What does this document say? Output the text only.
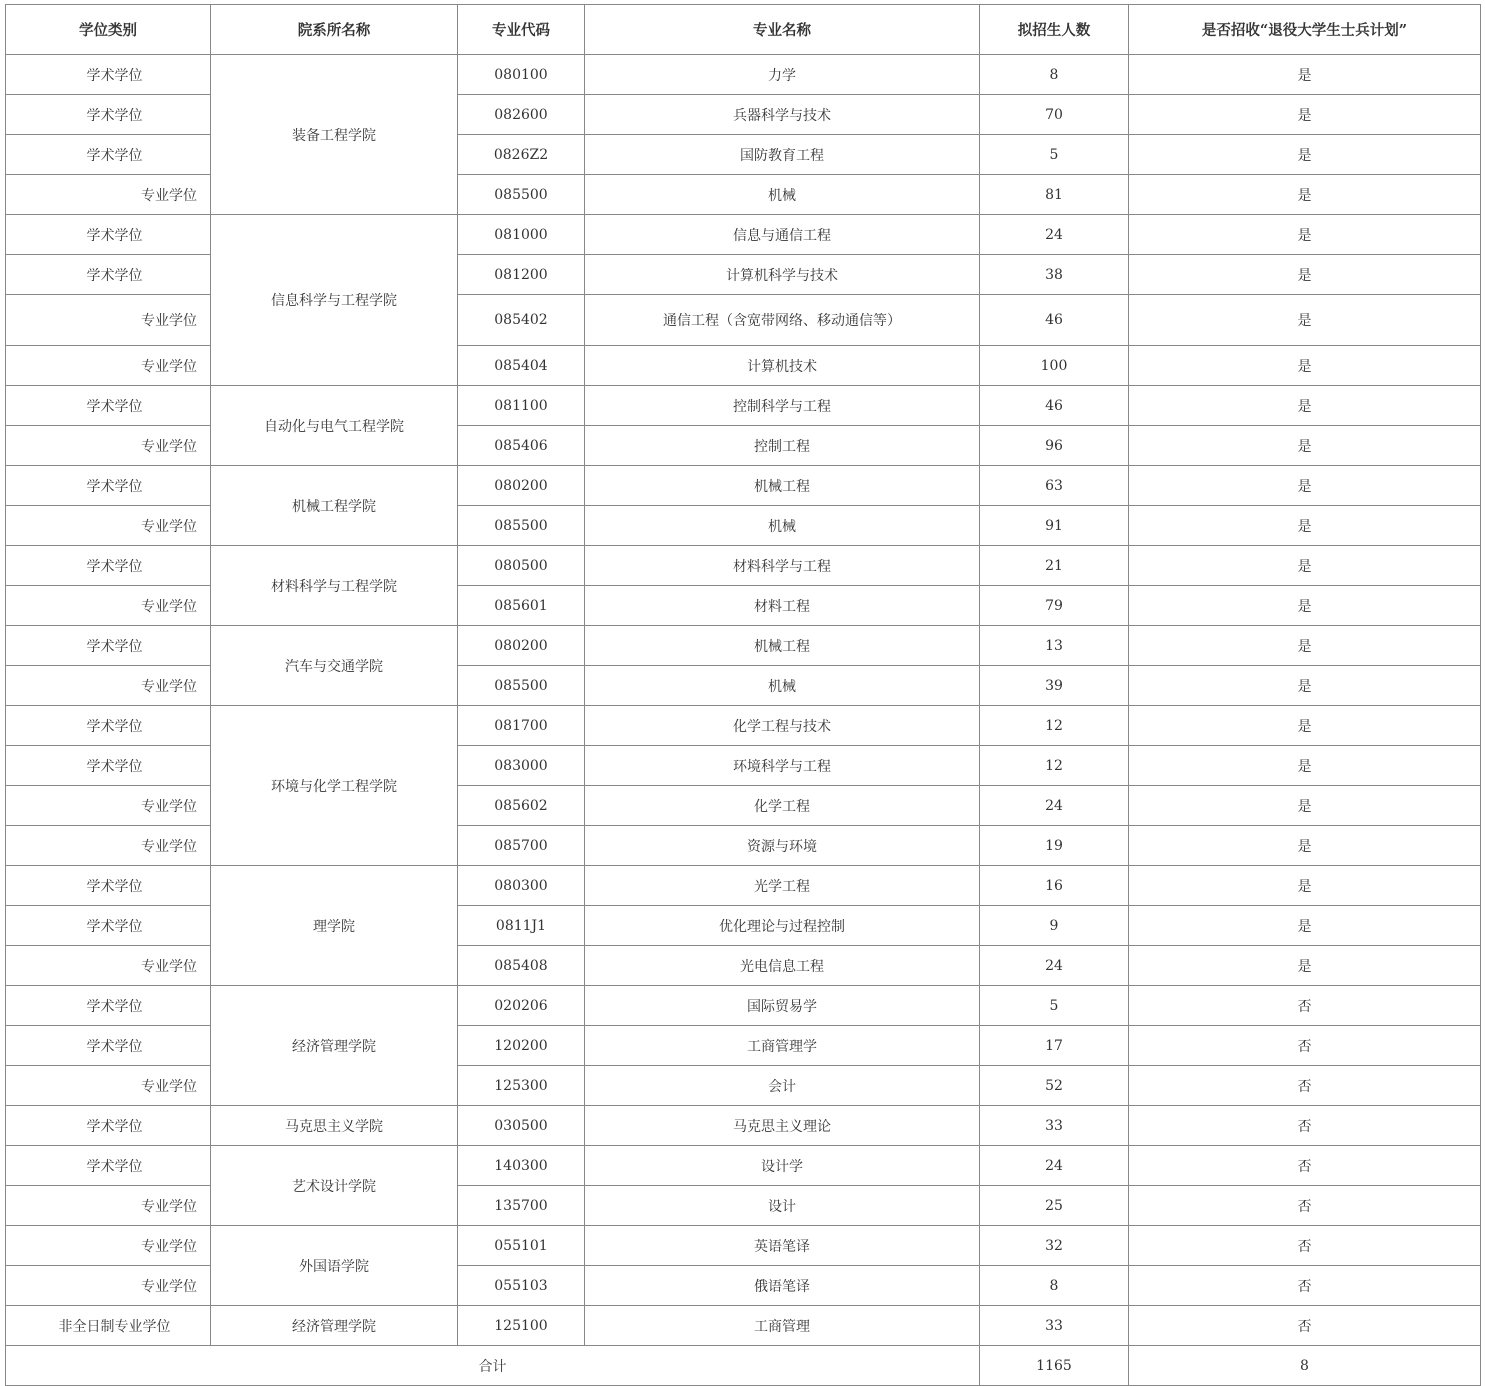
学位类别	院系所名称	专业代码	专业名称	拟招生人数	是否招收“退役大学生士兵计划”
学术学位	装备工程学院	080100	力学	8	是
学术学位		082600	兵器科学与技术	70	是
学术学位		0826Z2	国防教育工程	5	是
专业学位		085500	机械	81	是
学术学位	信息科学与工程学院	081000	信息与通信工程	24	是
学术学位		081200	计算机科学与技术	38	是
专业学位		085402	通信工程（含宽带网络、移动通信等）	46	是
专业学位		085404	计算机技术	100	是
学术学位	自动化与电气工程学院	081100	控制科学与工程	46	是
专业学位		085406	控制工程	96	是
学术学位	机械工程学院	080200	机械工程	63	是
专业学位		085500	机械	91	是
学术学位	材料科学与工程学院	080500	材料科学与工程	21	是
专业学位		085601	材料工程	79	是
学术学位	汽车与交通学院	080200	机械工程	13	是
专业学位		085500	机械	39	是
学术学位	环境与化学工程学院	081700	化学工程与技术	12	是
学术学位		083000	环境科学与工程	12	是
专业学位		085602	化学工程	24	是
专业学位		085700	资源与环境	19	是
学术学位	理学院	080300	光学工程	16	是
学术学位		0811J1	优化理论与过程控制	9	是
专业学位		085408	光电信息工程	24	是
学术学位	经济管理学院	020206	国际贸易学	5	否
学术学位		120200	工商管理学	17	否
专业学位		125300	会计	52	否
学术学位	马克思主义学院	030500	马克思主义理论	33	否
学术学位	艺术设计学院	140300	设计学	24	否
专业学位		135700	设计	25	否
专业学位	外国语学院	055101	英语笔译	32	否
专业学位		055103	俄语笔译	8	否
非全日制专业学位	经济管理学院	125100	工商管理	33	否
合计				1165	8
